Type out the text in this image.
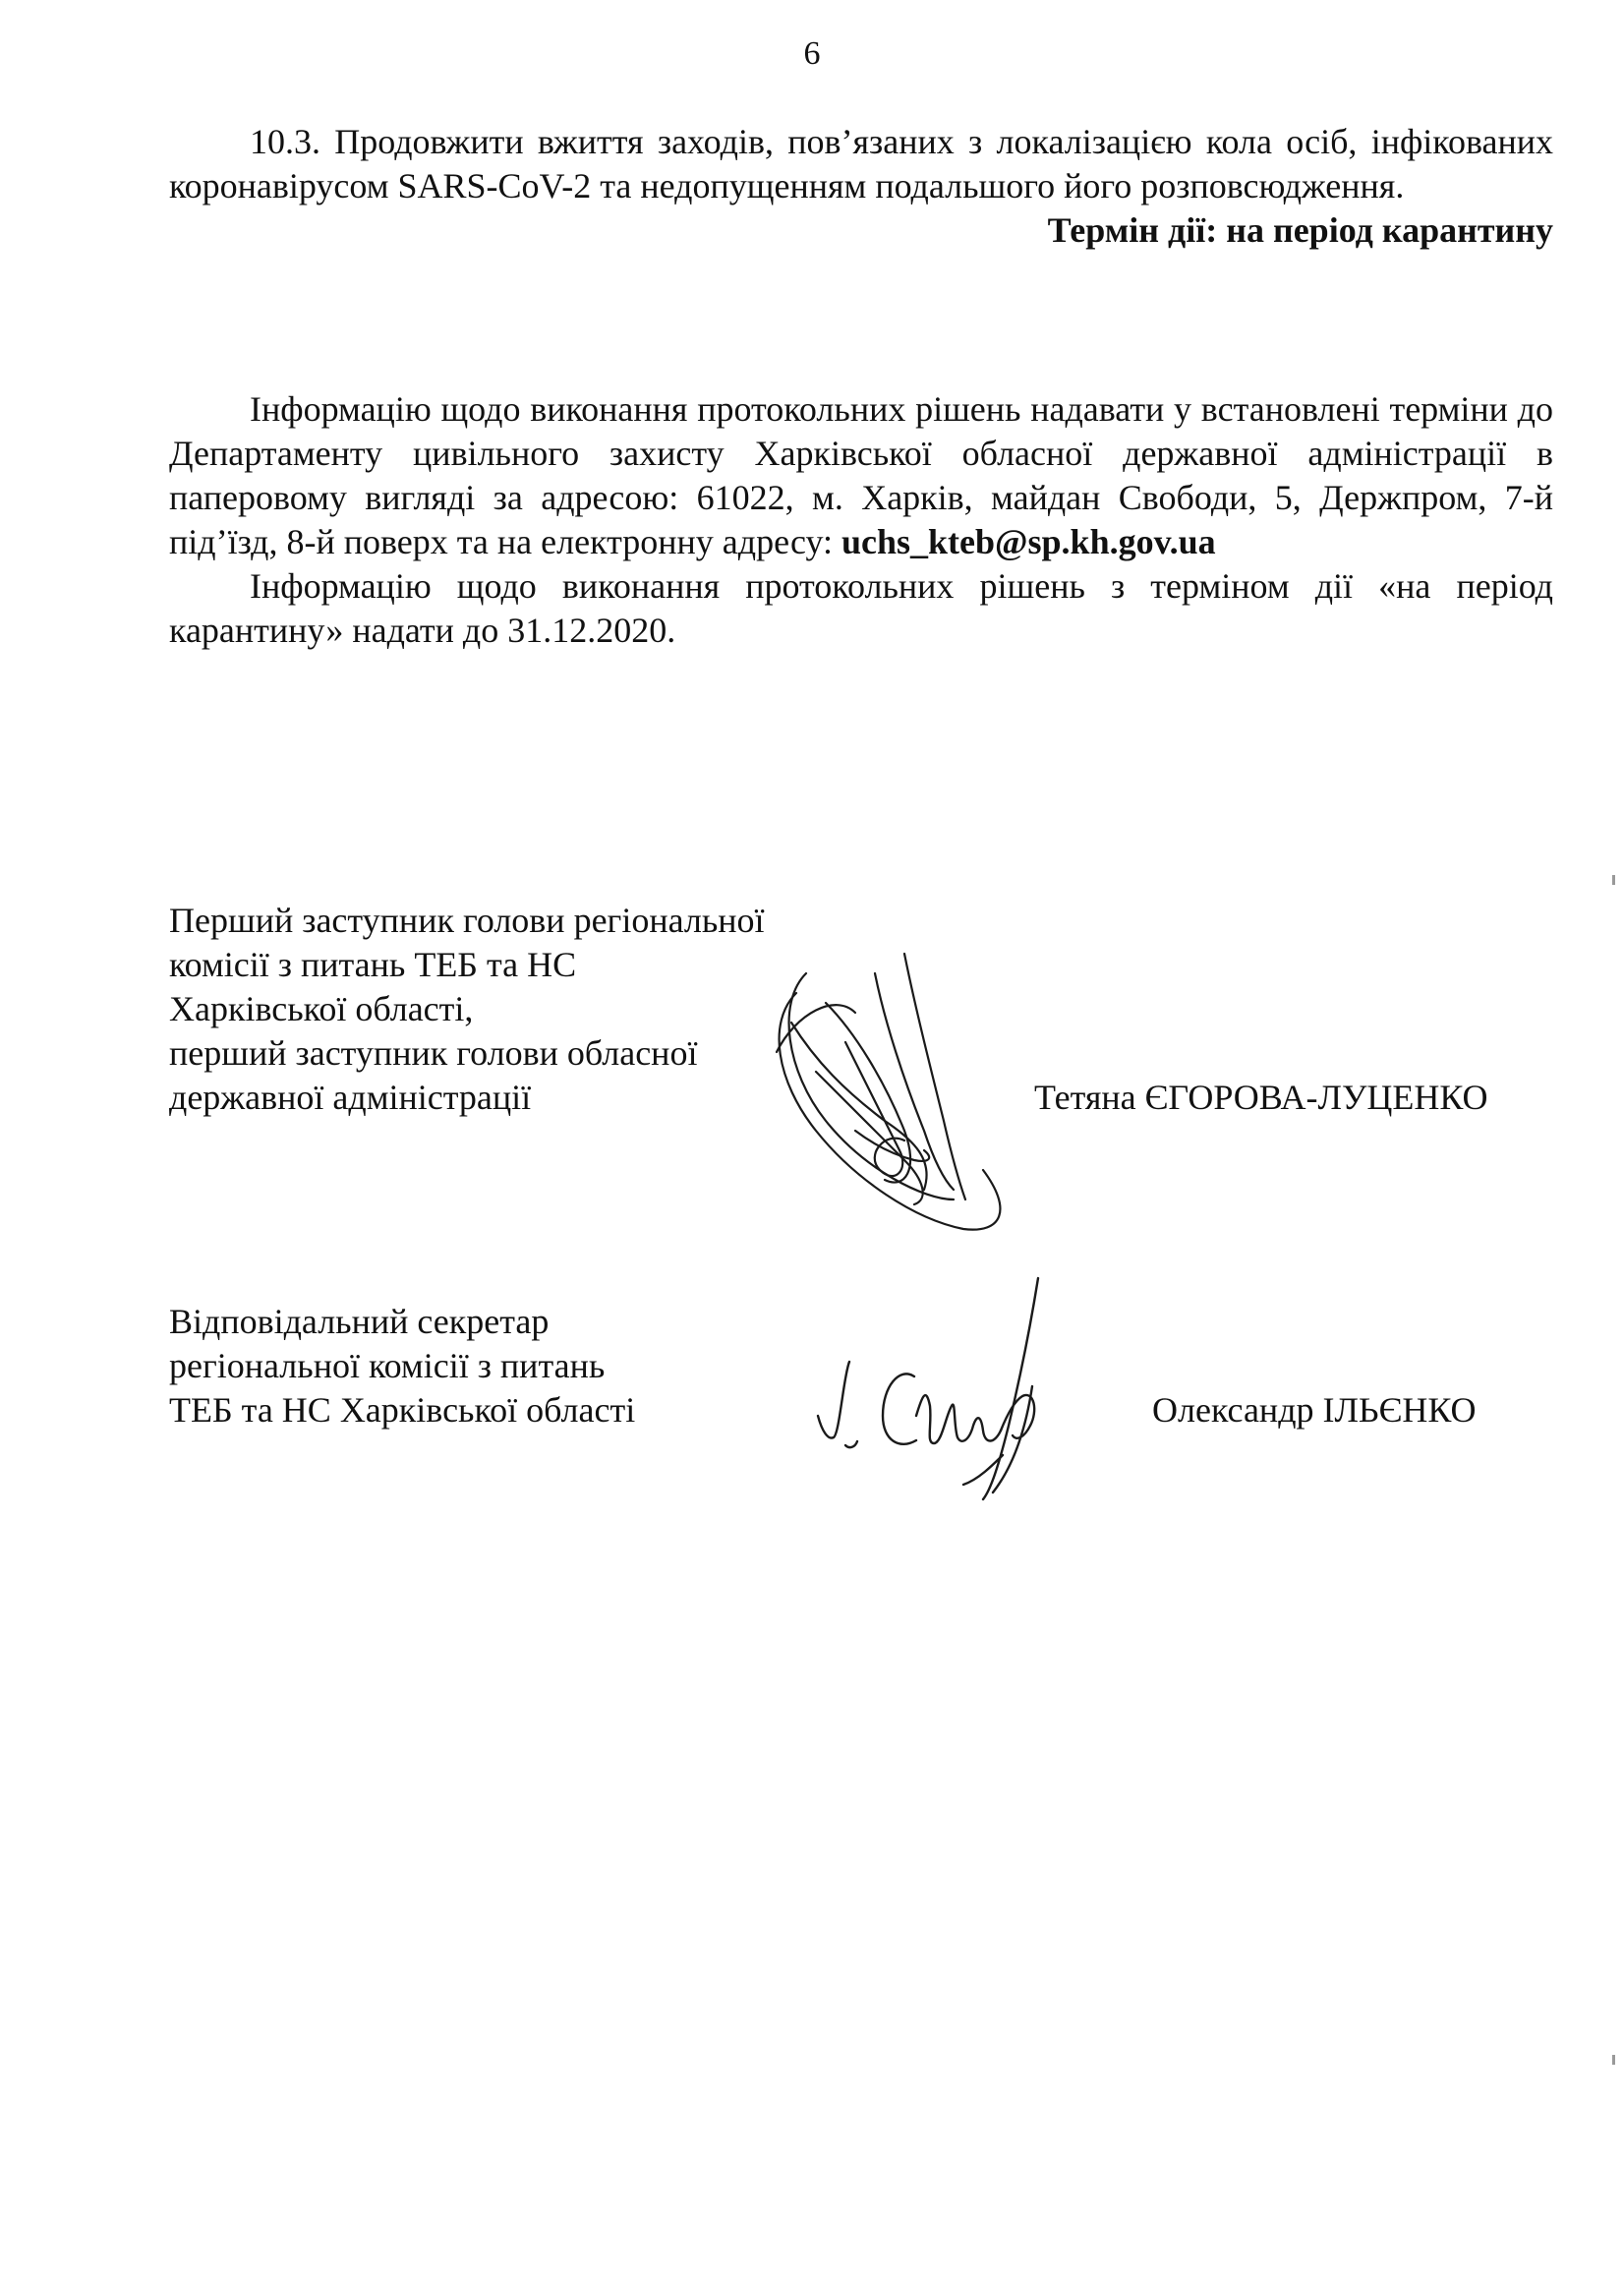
6

10.3. Продовжити вжиття заходів, пов’язаних з локалізацією кола осіб, інфікованих коронавірусом SARS-CoV-2 та недопущенням подальшого його розповсюдження.

Термін дії: на період карантину

Інформацію щодо виконання протокольних рішень надавати у встановлені терміни до Департаменту цивільного захисту Харківської обласної державної адміністрації в паперовому вигляді за адресою: 61022, м. Харків, майдан Свободи, 5, Держпром, 7-й під’їзд, 8-й поверх та на електронну адресу: uchs_kteb@sp.kh.gov.ua

Інформацію щодо виконання протокольних рішень з терміном дії «на період карантину» надати до 31.12.2020.

Перший заступник голови регіональної
комісії з питань ТЕБ та НС
Харківської області,
перший заступник голови обласної
державної адміністрації	Тетяна ЄГОРОВА-ЛУЦЕНКО
Відповідальний секретар
регіональної комісії з питань
ТЕБ та НС Харківської області	Олександр ІЛЬЄНКО
